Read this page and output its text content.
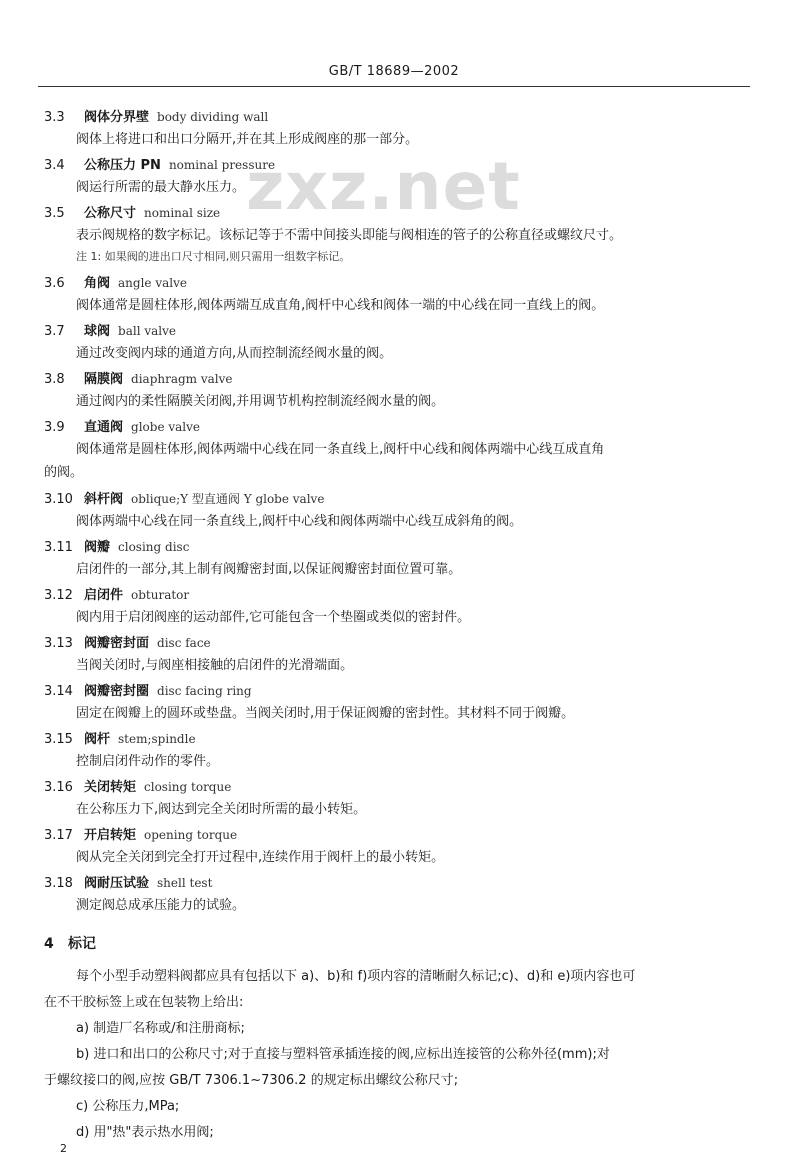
GB/T 18689—2002
zxz.net
3.3 阀体分界壁 body dividing wall
阀体上将进口和出口分隔开,并在其上形成阀座的那一部分。
3.4 公称压力 PN nominal pressure
阀运行所需的最大静水压力。
3.5 公称尺寸 nominal size
表示阀规格的数字标记。该标记等于不需中间接头即能与阀相连的管子的公称直径或螺纹尺寸。
注 1: 如果阀的进出口尺寸相同,则只需用一组数字标记。
3.6 角阀 angle valve
阀体通常是圆柱体形,阀体两端互成直角,阀杆中心线和阀体一端的中心线在同一直线上的阀。
3.7 球阀 ball valve
通过改变阀内球的通道方向,从而控制流经阀水量的阀。
3.8 隔膜阀 diaphragm valve
通过阀内的柔性隔膜关闭阀,并用调节机构控制流经阀水量的阀。
3.9 直通阀 globe valve
阀体通常是圆柱体形,阀体两端中心线在同一条直线上,阀杆中心线和阀体两端中心线互成直角
的阀。
3.10 斜杆阀 oblique;Y 型直通阀 Y globe valve
阀体两端中心线在同一条直线上,阀杆中心线和阀体两端中心线互成斜角的阀。
3.11 阀瓣 closing disc
启闭件的一部分,其上制有阀瓣密封面,以保证阀瓣密封面位置可靠。
3.12 启闭件 obturator
阀内用于启闭阀座的运动部件,它可能包含一个垫圈或类似的密封件。
3.13 阀瓣密封面 disc face
当阀关闭时,与阀座相接触的启闭件的光滑端面。
3.14 阀瓣密封圈 disc facing ring
固定在阀瓣上的圆环或垫盘。当阀关闭时,用于保证阀瓣的密封性。其材料不同于阀瓣。
3.15 阀杆 stem;spindle
控制启闭件动作的零件。
3.16 关闭转矩 closing torque
在公称压力下,阀达到完全关闭时所需的最小转矩。
3.17 开启转矩 opening torque
阀从完全关闭到完全打开过程中,连续作用于阀杆上的最小转矩。
3.18 阀耐压试验 shell test
测定阀总成承压能力的试验。
4 标记
每个小型手动塑料阀都应具有包括以下 a)、b)和 f)项内容的清晰耐久标记;c)、d)和 e)项内容也可
在不干胶标签上或在包装物上给出:
a) 制造厂名称或/和注册商标;
b) 进口和出口的公称尺寸;对于直接与塑料管承插连接的阀,应标出连接管的公称外径(mm);对
于螺纹接口的阀,应按 GB/T 7306.1~7306.2 的规定标出螺纹公称尺寸;
c) 公称压力,MPa;
d) 用"热"表示热水用阀;
2
